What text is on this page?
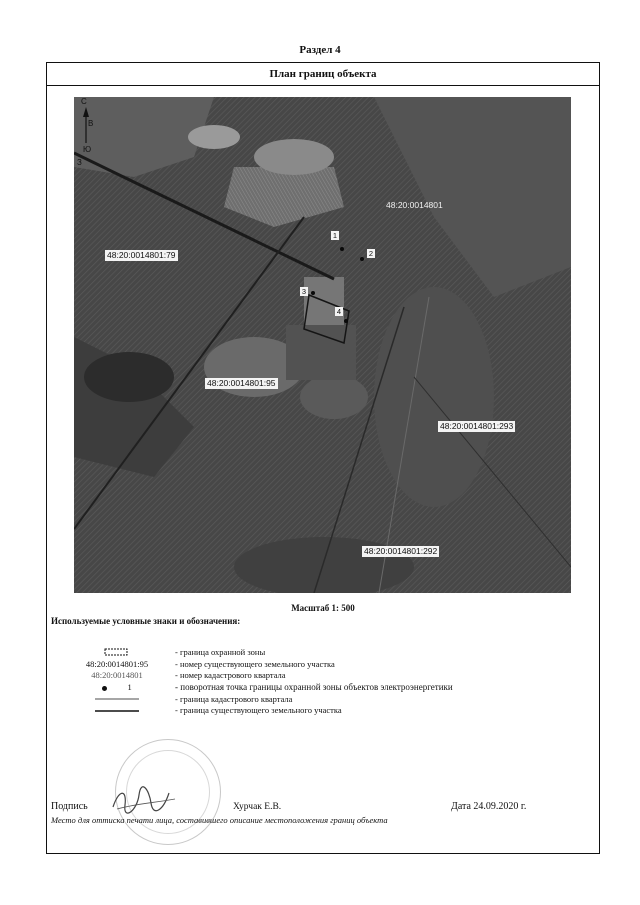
Раздел 4
План границ объекта
С
В
Ю
З
48:20:0014801:79
48:20:0014801:95
48:20:0014801:293
48:20:0014801:292
48:20:0014801
1
2
3
4
Масштаб 1: 500
Используемые условные знаки и обозначения:
- граница охранной зоны
48:20:0014801:95	- номер существующего земельного участка
48:20:0014801	- номер кадастрового квартала
1	- поворотная точка границы охранной зоны объектов электроэнергетики
- граница кадастрового квартала
- граница существующего земельного участка
Подпись	Хурчак Е.В.	Дата 24.09.2020 г.
Место для оттиска печати лица, составившего описание местоположения границ объекта
